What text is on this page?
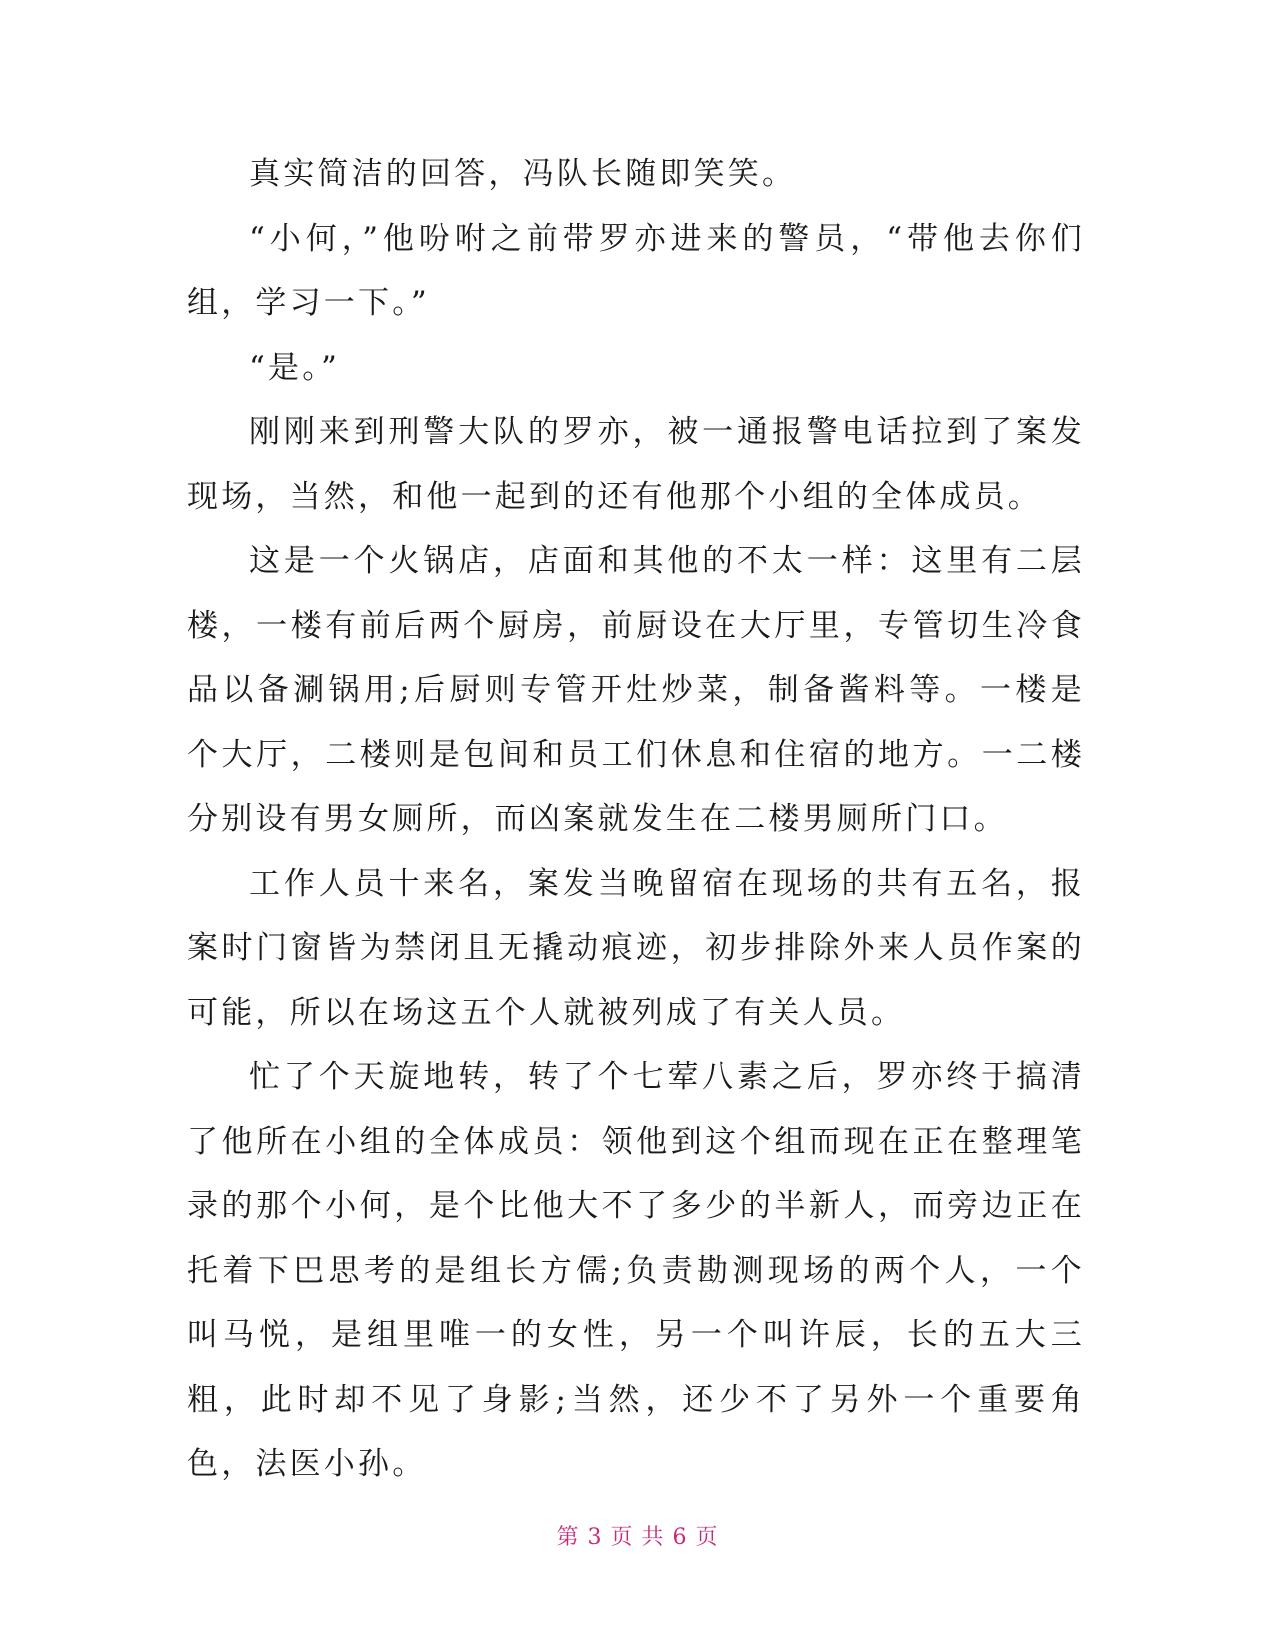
真实简洁的回答，冯队长随即笑笑。

“小何，”他吩咐之前带罗亦进来的警员，“带他去你们组，学习一下。”

“是。”

刚刚来到刑警大队的罗亦，被一通报警电话拉到了案发现场，当然，和他一起到的还有他那个小组的全体成员。

这是一个火锅店，店面和其他的不太一样：这里有二层楼，一楼有前后两个厨房，前厨设在大厅里，专管切生冷食品以备涮锅用;后厨则专管开灶炒菜，制备酱料等。一楼是个大厅，二楼则是包间和员工们休息和住宿的地方。一二楼分别设有男女厕所，而凶案就发生在二楼男厕所门口。

工作人员十来名，案发当晚留宿在现场的共有五名，报案时门窗皆为禁闭且无撬动痕迹，初步排除外来人员作案的可能，所以在场这五个人就被列成了有关人员。

忙了个天旋地转，转了个七荤八素之后，罗亦终于搞清了他所在小组的全体成员：领他到这个组而现在正在整理笔录的那个小何，是个比他大不了多少的半新人，而旁边正在托着下巴思考的是组长方儒;负责勘测现场的两个人，一个叫马悦，是组里唯一的女性，另一个叫许辰，长的五大三粗，此时却不见了身影;当然，还少不了另外一个重要角色，法医小孙。

第 3 页 共 6 页
